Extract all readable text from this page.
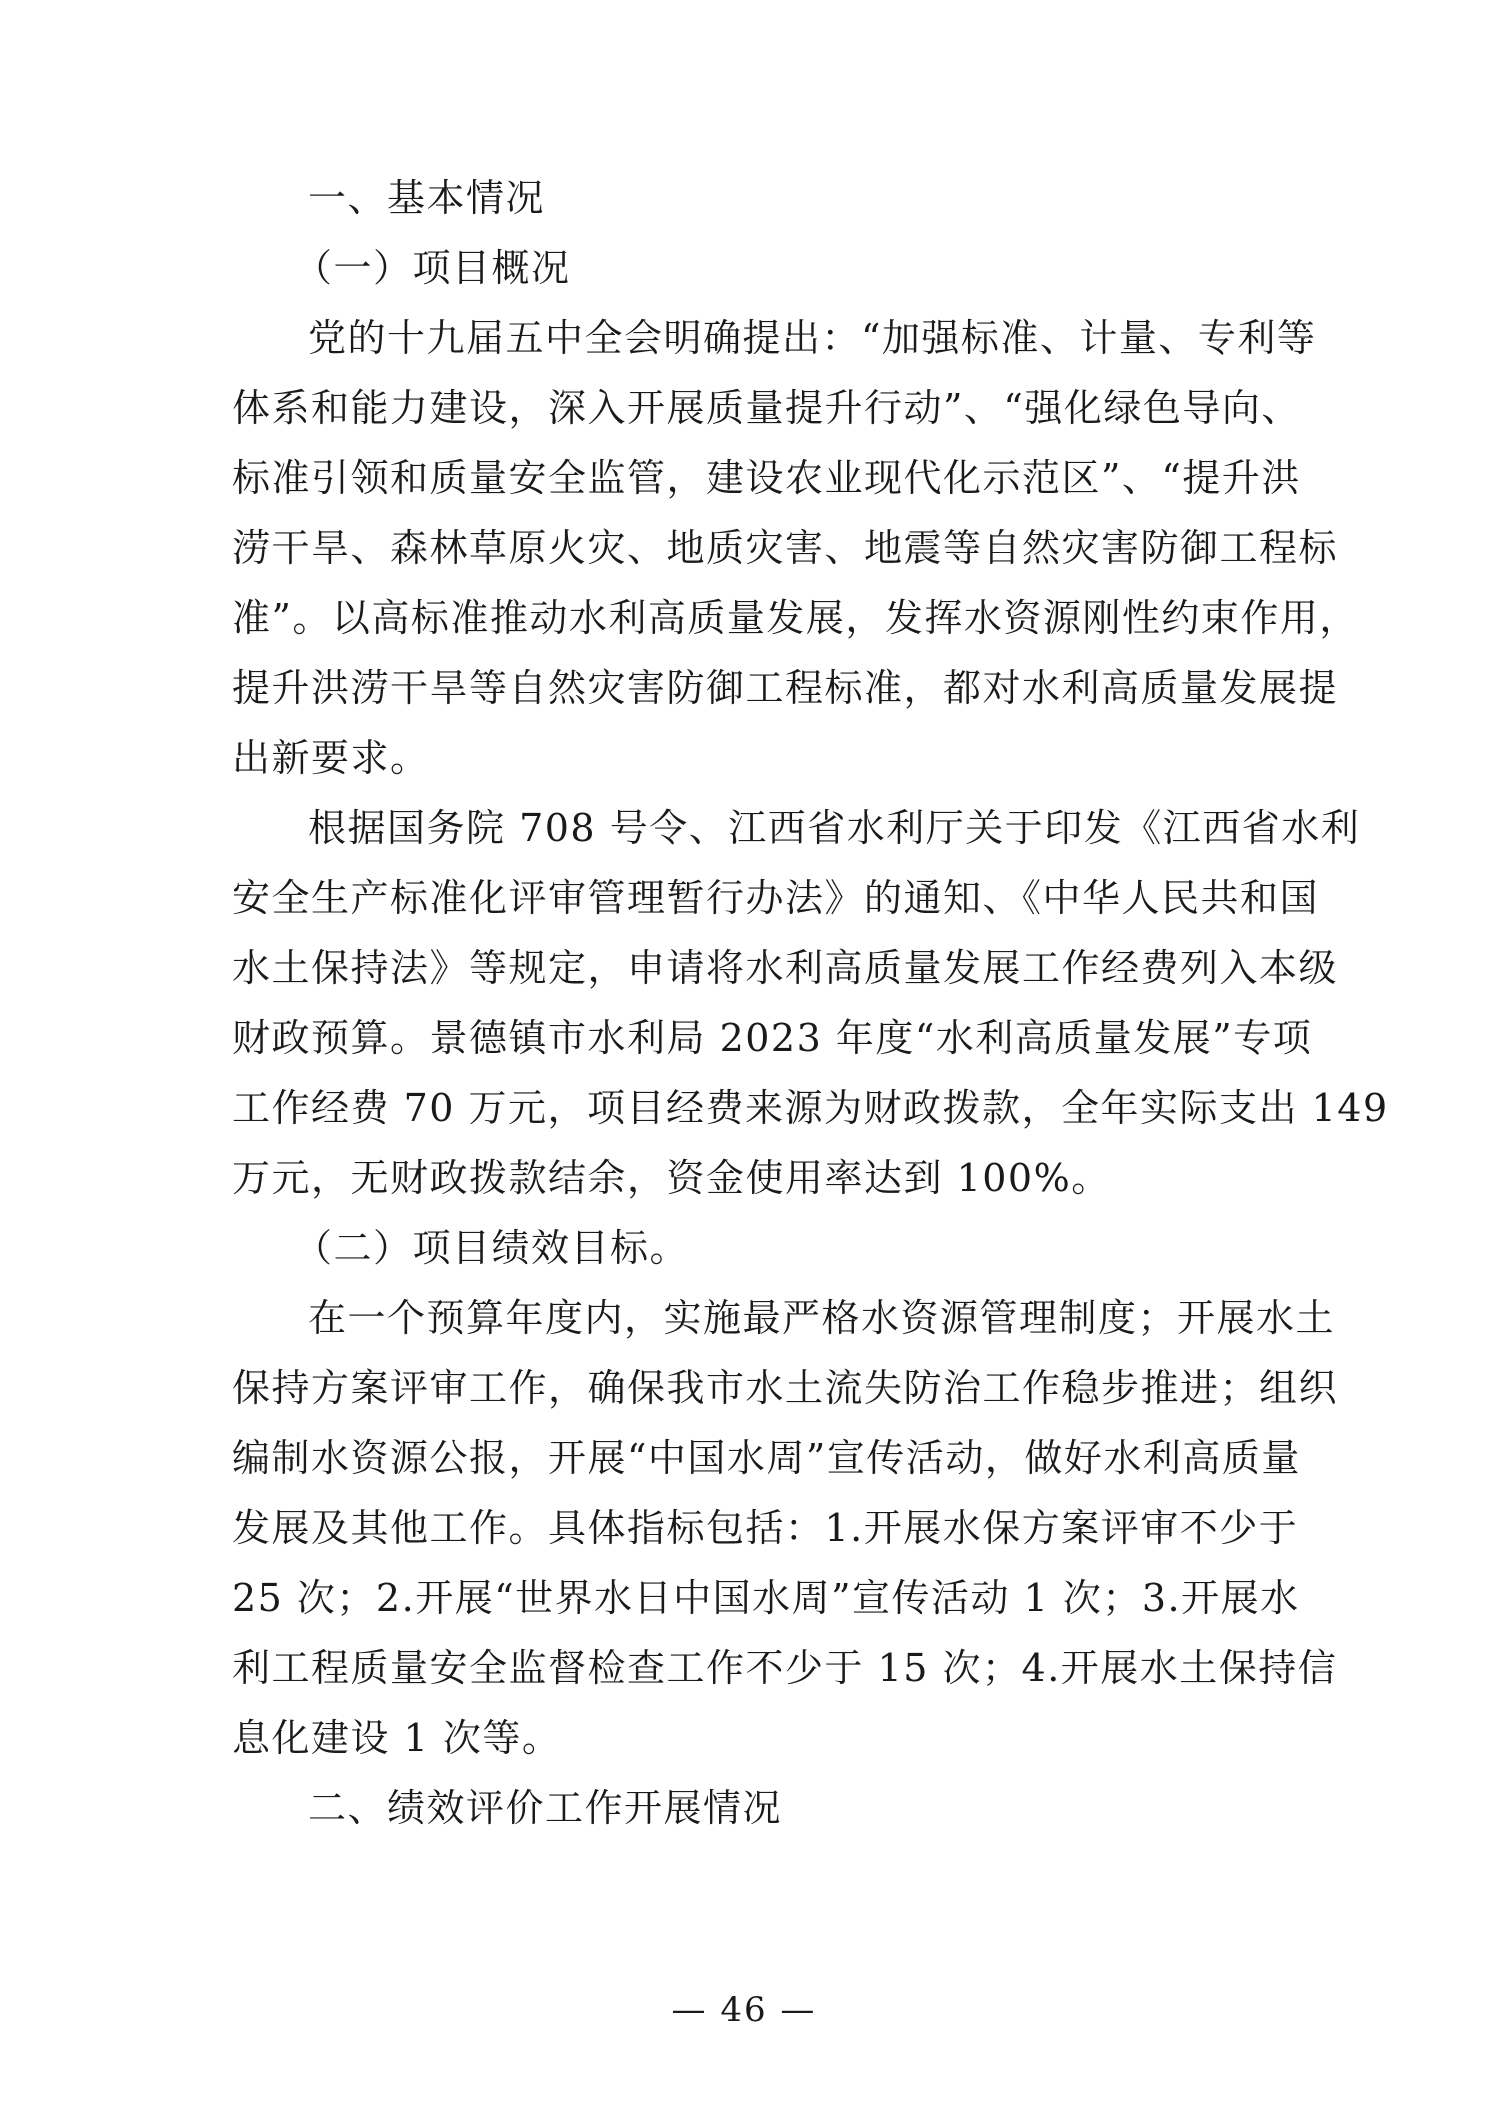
一、基本情况
（一）项目概况
党的十九届五中全会明确提出：“加强标准、计量、专利等
体系和能力建设，深入开展质量提升行动”、“强化绿色导向、
标准引领和质量安全监管，建设农业现代化示范区”、“提升洪
涝干旱、森林草原火灾、地质灾害、地震等自然灾害防御工程标
准”。以高标准推动水利高质量发展，发挥水资源刚性约束作用，
提升洪涝干旱等自然灾害防御工程标准，都对水利高质量发展提
出新要求。
根据国务院 708 号令、江西省水利厅关于印发《江西省水利
安全生产标准化评审管理暂行办法》的通知、《中华人民共和国
水土保持法》等规定，申请将水利高质量发展工作经费列入本级
财政预算。景德镇市水利局 2023 年度“水利高质量发展”专项
工作经费 70 万元，项目经费来源为财政拨款，全年实际支出 149
万元，无财政拨款结余，资金使用率达到 100%。
（二）项目绩效目标。
在一个预算年度内，实施最严格水资源管理制度；开展水土
保持方案评审工作，确保我市水土流失防治工作稳步推进；组织
编制水资源公报，开展“中国水周”宣传活动，做好水利高质量
发展及其他工作。具体指标包括：1.开展水保方案评审不少于
25 次；2.开展“世界水日中国水周”宣传活动 1 次；3.开展水
利工程质量安全监督检查工作不少于 15 次；4.开展水土保持信
息化建设 1 次等。
二、绩效评价工作开展情况
— 46 —
